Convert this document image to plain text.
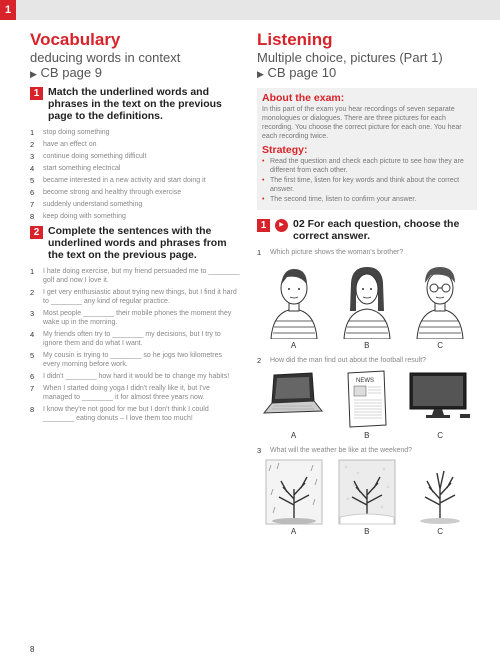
1
Vocabulary
deducing words in context
▶ CB page 9
1 Match the underlined words and phrases in the text on the previous page to the definitions.
1	stop doing something
2	have an effect on
3	continue doing something difficult
4	start something electrical
5	became interested in a new activity and start doing it
6	become strong and healthy through exercise
7	suddenly understand something
8	keep doing with something
2 Complete the sentences with the underlined words and phrases from the text on the previous page.
1	I hate doing exercise, but my friend persuaded me to ________ golf and now I love it.
2	I get very enthusiastic about trying new things, but I find it hard to ________ any kind of regular practice.
3	Most people ________ their mobile phones the moment they wake up in the morning.
4	My friends often try to ________ my decisions, but I try to ignore them and do what I want.
5	My cousin is trying to ________ so he jogs two kilometres every morning before work.
6	I didn't ________ how hard it would be to change my habits!
7	When I started doing yoga I didn't really like it, but I've managed to ________ it for almost three years now.
8	I know they're not good for me but I don't think I could ________ eating donuts – I love them too much!
Listening
Multiple choice, pictures (Part 1)
▶ CB page 10
About the exam:
In this part of the exam you hear recordings of seven separate monologues or dialogues. There are three pictures for each recording. You choose the correct picture for each one. You hear each recording twice.
Strategy:
• Read the question and check each picture to see how they are different from each other.
• The first time, listen for key words and think about the correct answer.
• The second time, listen to confirm your answer.
1	▶ 02 For each question, choose the correct answer.
1	Which picture shows the woman's brother?
A	B	C
2	How did the man find out about the football result?
NEWS
A	B	C
3	What will the weather be like at the weekend?
A	B	C
8
